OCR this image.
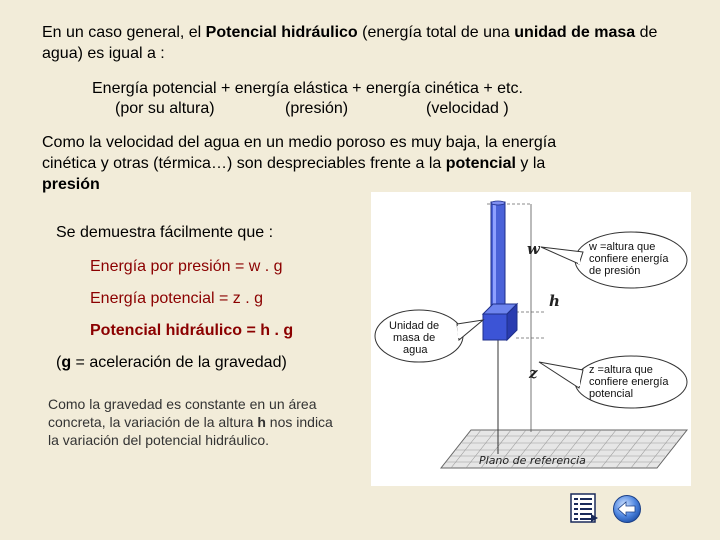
En un caso general, el Potencial hidráulico (energía total de una unidad de masa de agua) es igual a :
Energía potencial + energía elástica + energía cinética + etc.
(por su altura)	(presión)	(velocidad )
Como la velocidad del agua en un medio poroso es muy baja, la energía
cinética y otras (térmica…) son despreciables frente a la potencial y la
presión
Se demuestra fácilmente que :
Energía por presión = w . g
Energía potencial = z . g
Potencial hidráulico = h . g
(g = aceleración de la gravedad)
Como la gravedad es constante en un área concreta, la variación de la altura h nos indica la variación del potencial hidráulico.
Plano de referencia
w
h
z
w =altura que confiere energía de presión
Unidad de masa de agua
z =altura que confiere energía potencial
